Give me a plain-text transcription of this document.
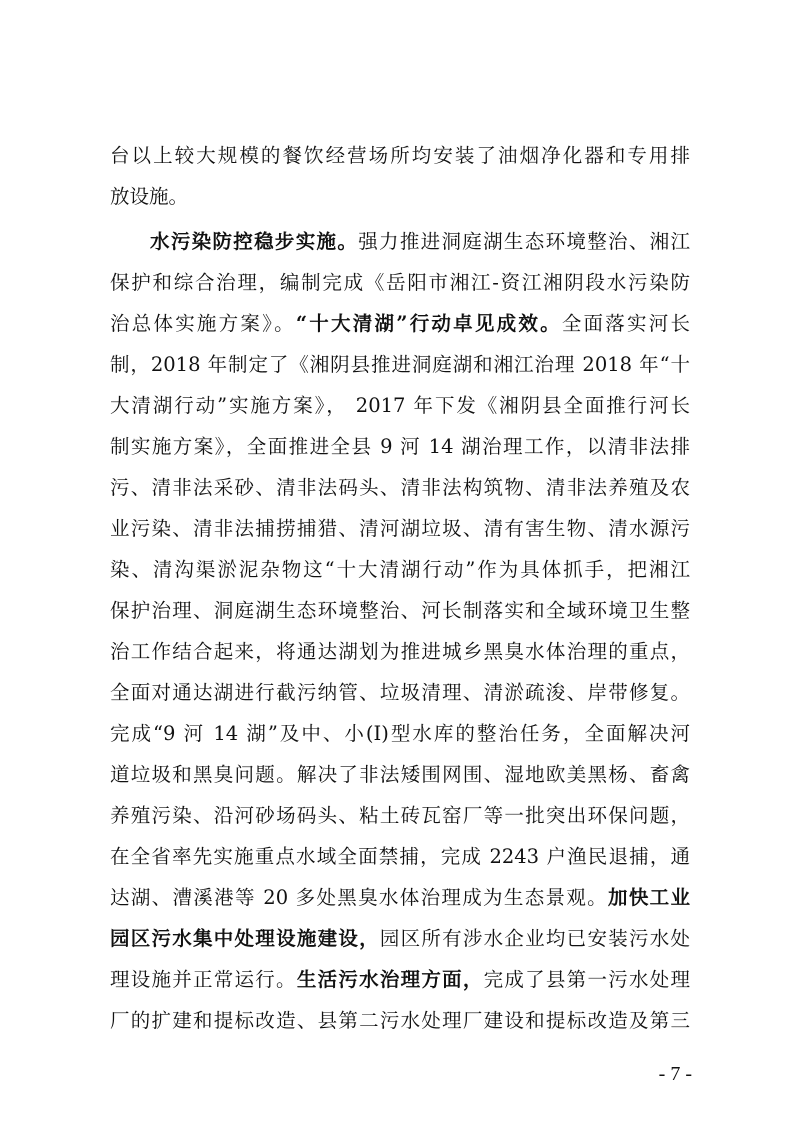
台以上较大规模的餐饮经营场所均安装了油烟净化器和专用排
放设施。
水污染防控稳步实施。强力推进洞庭湖生态环境整治、湘江
保护和综合治理，编制完成《岳阳市湘江-资江湘阴段水污染防
治总体实施方案》。“十大清湖”行动卓见成效。全面落实河长
制，2018 年制定了《湘阴县推进洞庭湖和湘江治理 2018 年“十
大清湖行动”实施方案》， 2017 年下发《湘阴县全面推行河长
制实施方案》，全面推进全县 9 河 14 湖治理工作，以清非法排
污、清非法采砂、清非法码头、清非法构筑物、清非法养殖及农
业污染、清非法捕捞捕猎、清河湖垃圾、清有害生物、清水源污
染、清沟渠淤泥杂物这“十大清湖行动”作为具体抓手，把湘江
保护治理、洞庭湖生态环境整治、河长制落实和全域环境卫生整
治工作结合起来，将通达湖划为推进城乡黑臭水体治理的重点，
全面对通达湖进行截污纳管、垃圾清理、清淤疏浚、岸带修复。
完成“9 河 14 湖”及中、小(I)型水库的整治任务，全面解决河
道垃圾和黑臭问题。解决了非法矮围网围、湿地欧美黑杨、畜禽
养殖污染、沿河砂场码头、粘土砖瓦窑厂等一批突出环保问题，
在全省率先实施重点水域全面禁捕，完成 2243 户渔民退捕，通
达湖、漕溪港等 20 多处黑臭水体治理成为生态景观。加快工业
园区污水集中处理设施建设，园区所有涉水企业均已安装污水处
理设施并正常运行。生活污水治理方面，完成了县第一污水处理
厂的扩建和提标改造、县第二污水处理厂建设和提标改造及第三
- 7 -
